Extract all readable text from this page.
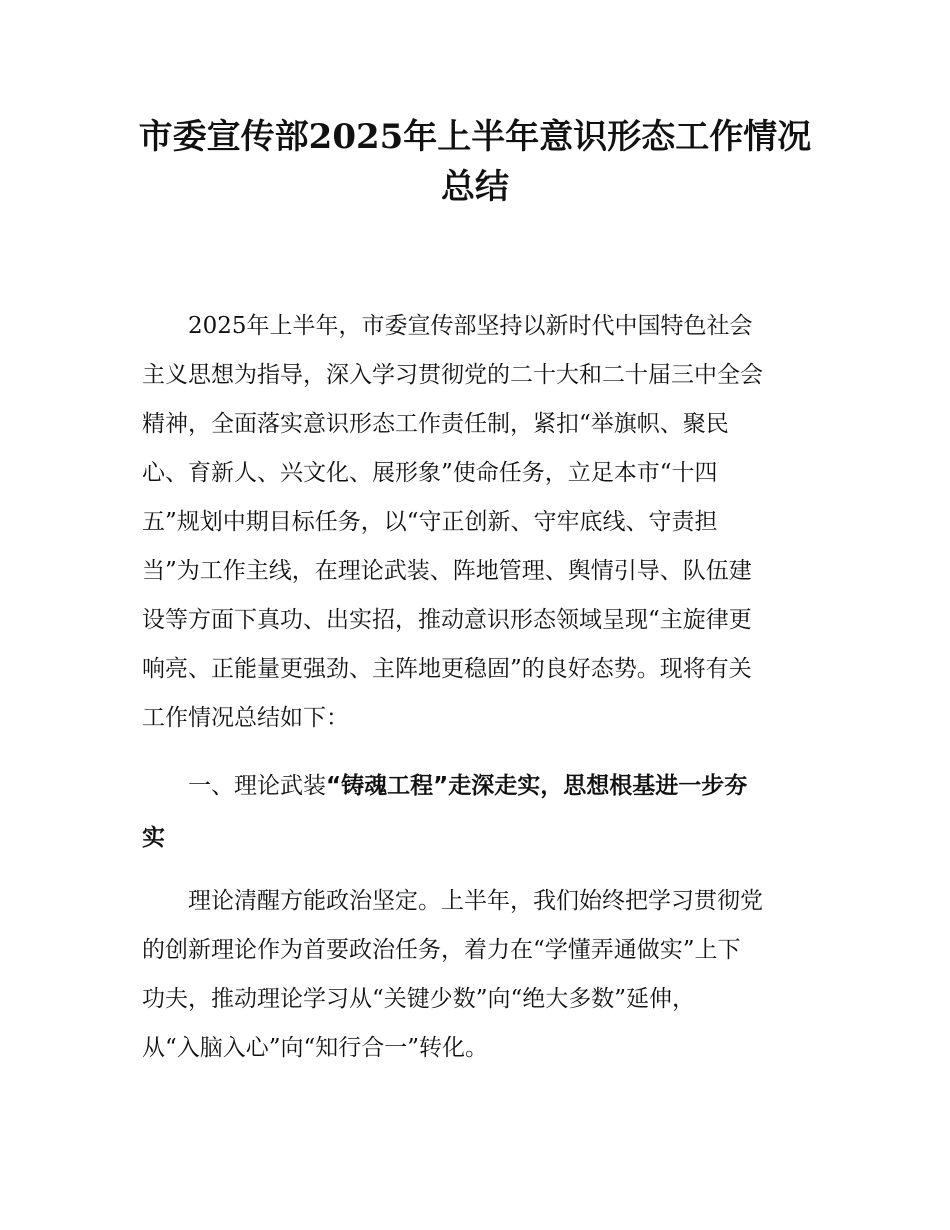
市委宣传部2025年上半年意识形态工作情况
总结
2025年上半年，市委宣传部坚持以新时代中国特色社会
主义思想为指导，深入学习贯彻党的二十大和二十届三中全会
精神，全面落实意识形态工作责任制，紧扣“举旗帜、聚民
心、育新人、兴文化、展形象”使命任务，立足本市“十四
五”规划中期目标任务，以“守正创新、守牢底线、守责担
当”为工作主线，在理论武装、阵地管理、舆情引导、队伍建
设等方面下真功、出实招，推动意识形态领域呈现“主旋律更
响亮、正能量更强劲、主阵地更稳固”的良好态势。现将有关
工作情况总结如下：
一、理论武装“铸魂工程”走深走实，思想根基进一步夯
实
理论清醒方能政治坚定。上半年，我们始终把学习贯彻党
的创新理论作为首要政治任务，着力在“学懂弄通做实”上下
功夫，推动理论学习从“关键少数”向“绝大多数”延伸，
从“入脑入心”向“知行合一”转化。
